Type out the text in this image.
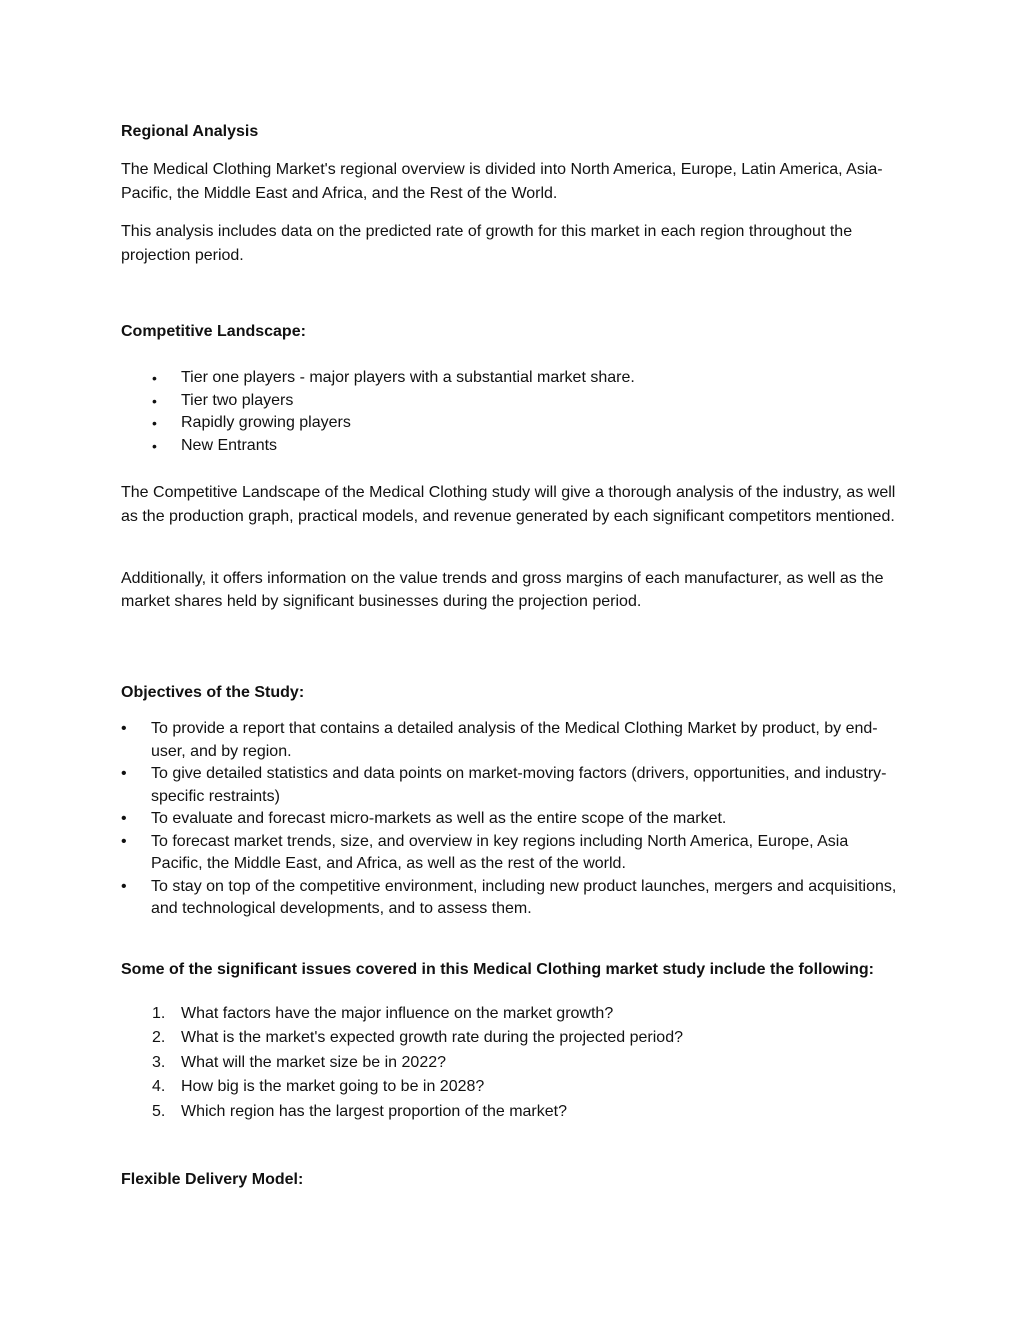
Regional Analysis
The Medical Clothing Market's regional overview is divided into North America, Europe, Latin America, Asia-Pacific, the Middle East and Africa, and the Rest of the World.
This analysis includes data on the predicted rate of growth for this market in each region throughout the projection period.
Competitive Landscape:
• Tier one players - major players with a substantial market share.
• Tier two players
• Rapidly growing players
• New Entrants
The Competitive Landscape of the Medical Clothing study will give a thorough analysis of the industry, as well as the production graph, practical models, and revenue generated by each significant competitors mentioned.
Additionally, it offers information on the value trends and gross margins of each manufacturer, as well as the market shares held by significant businesses during the projection period.
Objectives of the Study:
• To provide a report that contains a detailed analysis of the Medical Clothing Market by product, by end-user, and by region.
• To give detailed statistics and data points on market-moving factors (drivers, opportunities, and industry-specific restraints)
• To evaluate and forecast micro-markets as well as the entire scope of the market.
• To forecast market trends, size, and overview in key regions including North America, Europe, Asia Pacific, the Middle East, and Africa, as well as the rest of the world.
• To stay on top of the competitive environment, including new product launches, mergers and acquisitions, and technological developments, and to assess them.
Some of the significant issues covered in this Medical Clothing market study include the following:
1. What factors have the major influence on the market growth?
2. What is the market's expected growth rate during the projected period?
3. What will the market size be in 2022?
4. How big is the market going to be in 2028?
5. Which region has the largest proportion of the market?
Flexible Delivery Model:
